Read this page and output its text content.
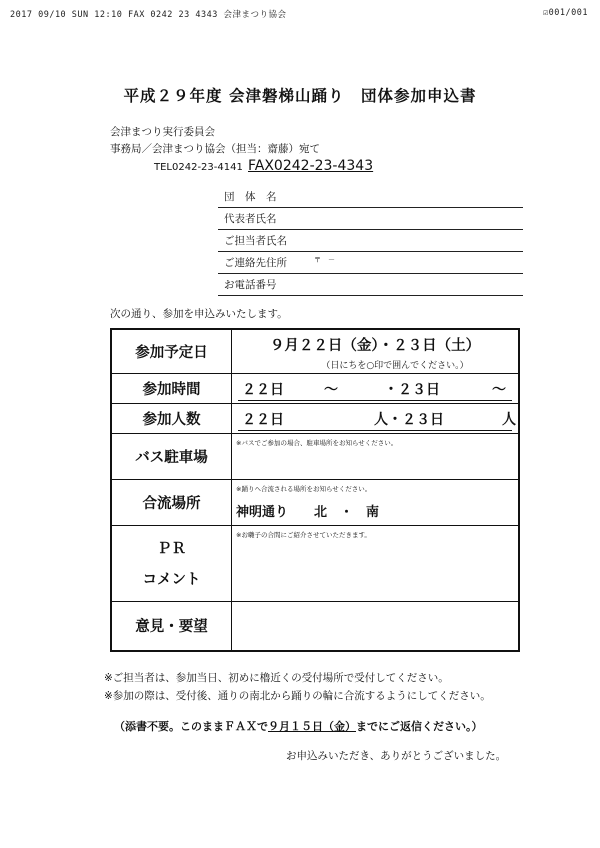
2017 09/10 SUN 12:10 FAX 0242 23 4343 会津まつり協会	☑001/001
平成２９年度 会津磐梯山踊り　団体参加申込書
会津まつり実行委員会
事務局／会津まつり協会（担当：齋藤）宛て
TEL0242-23-4141 FAX0242-23-4343
団　体　名
代表者氏名
ご担当者氏名
ご連絡先住所	〒　－
お電話番号
次の通り、参加を申込みいたします。
参加予定日	９月２２日（金）・２３日（土）
（日にちを○印で囲んでください。）

参加時間	２２日 ～ ・２３日 ～

参加人数	２２日 人 ・２３日 人

バス駐車場	※バスでご参加の場合、駐車場所をお知らせください。

合流場所	※踊りへ合流される場所をお知らせください。
神明通り　　北　・　南

ＰＲ
コメント	※お囃子の合間にご紹介させていただきます。

意見・要望	
※ご担当者は、参加当日、初めに櫓近くの受付場所で受付してください。
※参加の際は、受付後、通りの南北から踊りの輪に合流するようにしてください。
（添書不要。このままＦＡＸで９月１５日（金）までにご返信ください。）
お申込みいただき、ありがとうございました。
